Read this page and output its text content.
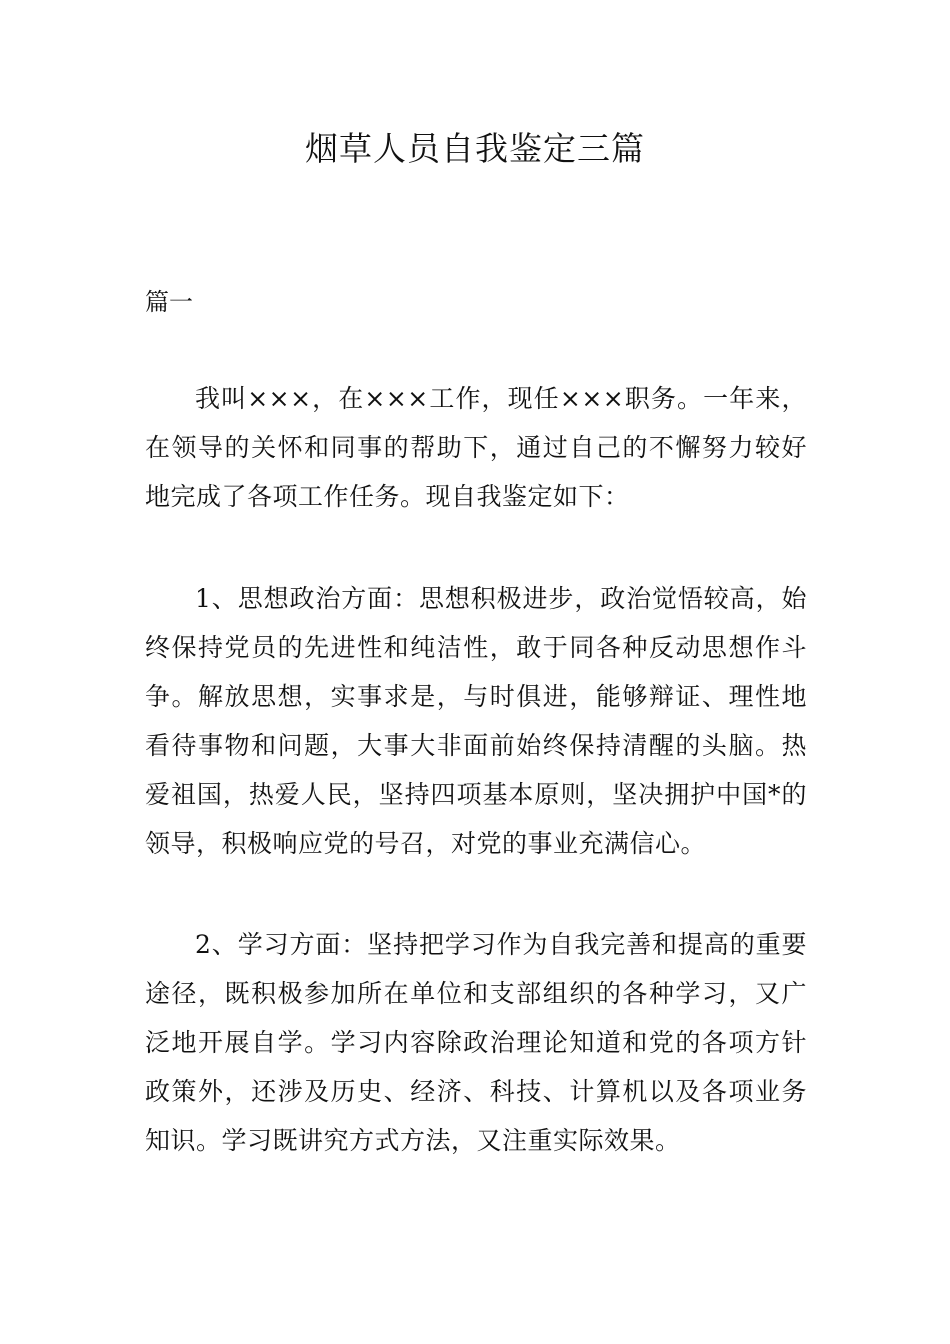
烟草人员自我鉴定三篇

篇一

我叫×××，在×××工作，现任×××职务。一年来，在领导的关怀和同事的帮助下，通过自己的不懈努力较好地完成了各项工作任务。现自我鉴定如下：

1、思想政治方面：思想积极进步，政治觉悟较高，始终保持党员的先进性和纯洁性，敢于同各种反动思想作斗争。解放思想，实事求是，与时俱进，能够辩证、理性地看待事物和问题，大事大非面前始终保持清醒的头脑。热爱祖国，热爱人民，坚持四项基本原则，坚决拥护中国*的领导，积极响应党的号召，对党的事业充满信心。

2、学习方面：坚持把学习作为自我完善和提高的重要途径，既积极参加所在单位和支部组织的各种学习，又广泛地开展自学。学习内容除政治理论知道和党的各项方针政策外，还涉及历史、经济、科技、计算机以及各项业务知识。学习既讲究方式方法，又注重实际效果。
